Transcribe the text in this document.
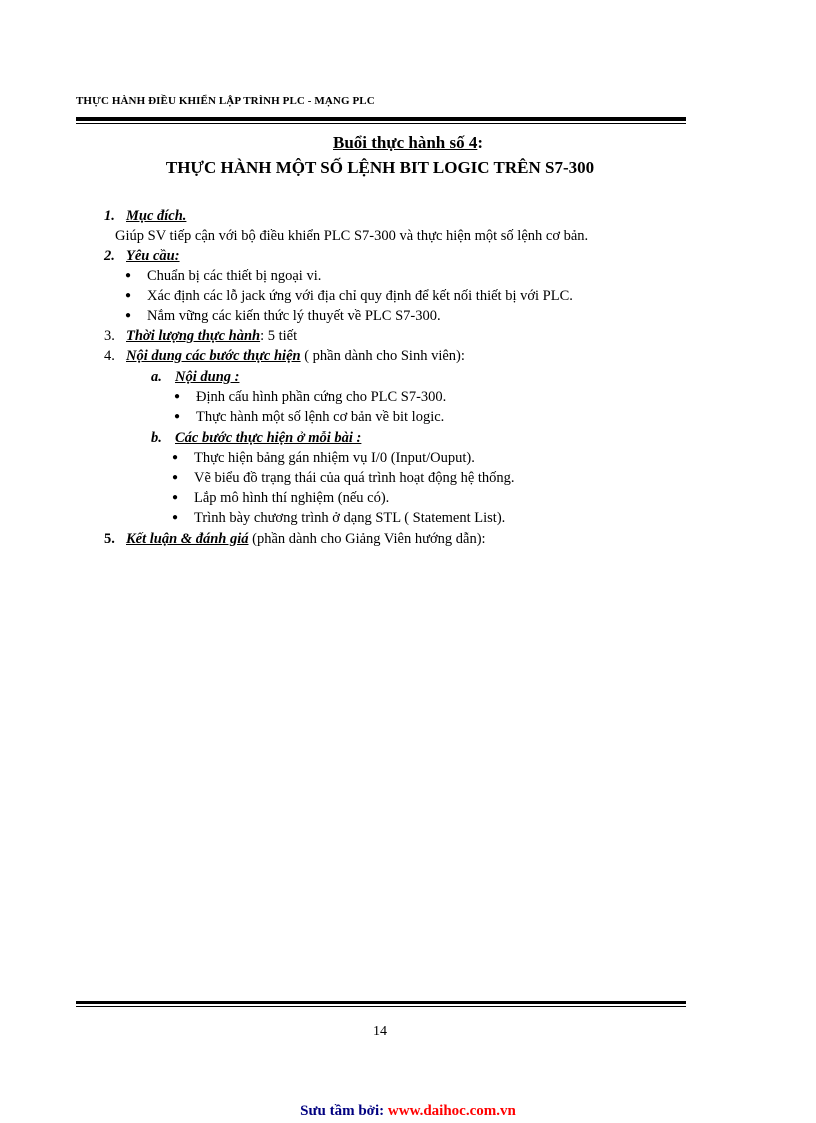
THỰC HÀNH ĐIỀU KHIỂN LẬP TRÌNH PLC - MẠNG PLC
Buổi thực hành số 4:
THỰC HÀNH MỘT SỐ LỆNH BIT LOGIC TRÊN S7-300
1. Mục đích.
Giúp SV tiếp cận với bộ điều khiển PLC S7-300 và thực hiện một số lệnh cơ bản.
2. Yêu cầu:
● Chuẩn bị các thiết bị ngoại vi.
● Xác định các lỗ jack ứng với địa chỉ quy định để kết nối thiết bị với PLC.
● Nắm vững các kiến thức lý thuyết về PLC S7-300.
3. Thời lượng thực hành: 5 tiết
4. Nội dung các bước thực hiện ( phần dành cho Sinh viên):
a. Nội dung :
● Định cấu hình phần cứng cho PLC S7-300.
● Thực hành một số lệnh cơ bản về bit logic.
b. Các bước thực hiện ở mỗi bài :
● Thực hiện bảng gán nhiệm vụ I/0 (Input/Ouput).
● Vẽ biểu đồ trạng thái của quá trình hoạt động hệ thống.
● Lắp mô hình thí nghiệm (nếu có).
● Trình bày chương trình ở dạng STL ( Statement List).
5. Kết luận & đánh giá (phần dành cho Giảng Viên hướng dẫn):
14
Sưu tầm bởi: www.daihoc.com.vn
